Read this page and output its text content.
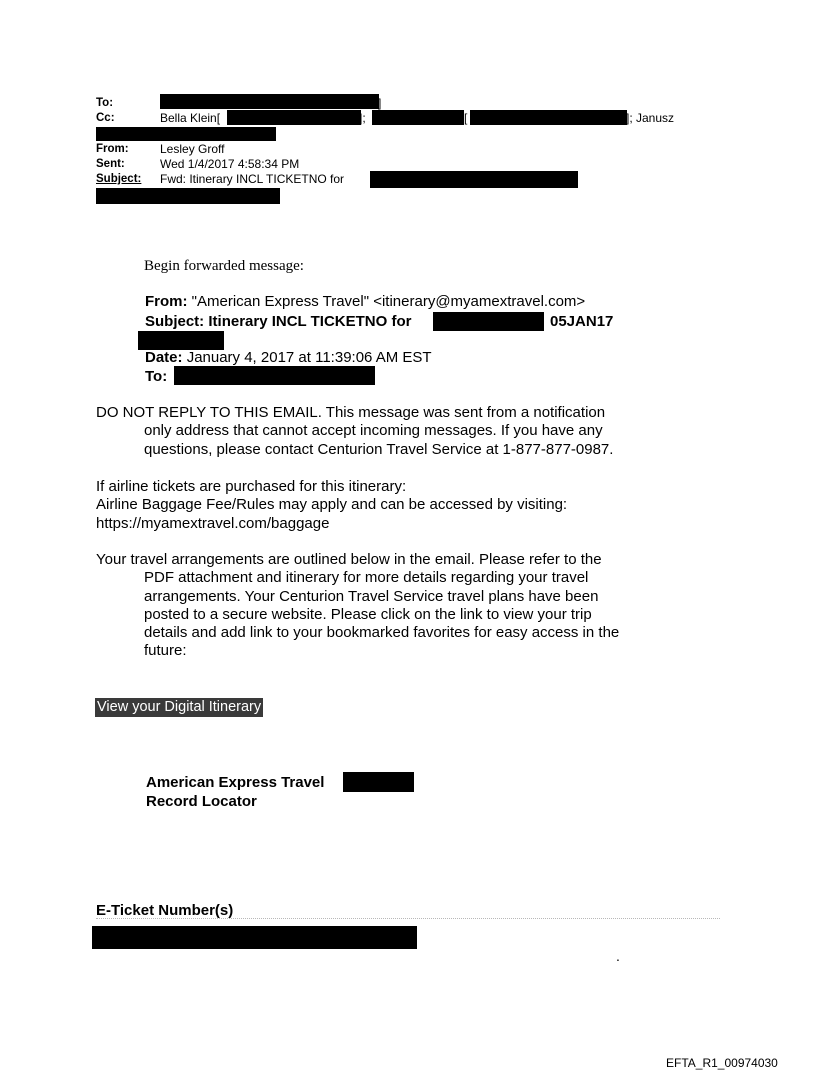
To:	]
Cc:	Bella Klein[	];	[	]; Janusz
From:	Lesley Groff
Sent:	Wed 1/4/2017 4:58:34 PM
Subject: Fwd: Itinerary INCL TICKETNO for
Begin forwarded message:
From: "American Express Travel" <itinerary@myamextravel.com>
Subject: Itinerary INCL TICKETNO for	05JAN17
Date: January 4, 2017 at 11:39:06 AM EST
To:
DO NOT REPLY TO THIS EMAIL. This message was sent from a notification
only address that cannot accept incoming messages. If you have any
questions, please contact Centurion Travel Service at 1-877-877-0987.
If airline tickets are purchased for this itinerary:
Airline Baggage Fee/Rules may apply and can be accessed by visiting:
https://myamextravel.com/baggage
Your travel arrangements are outlined below in the email. Please refer to the
PDF attachment and itinerary for more details regarding your travel
arrangements. Your Centurion Travel Service travel plans have been
posted to a secure website. Please click on the link to view your trip
details and add link to your bookmarked favorites for easy access in the
future:
View your Digital Itinerary
American Express Travel
Record Locator
E-Ticket Number(s)
.
EFTA_R1_00974030
